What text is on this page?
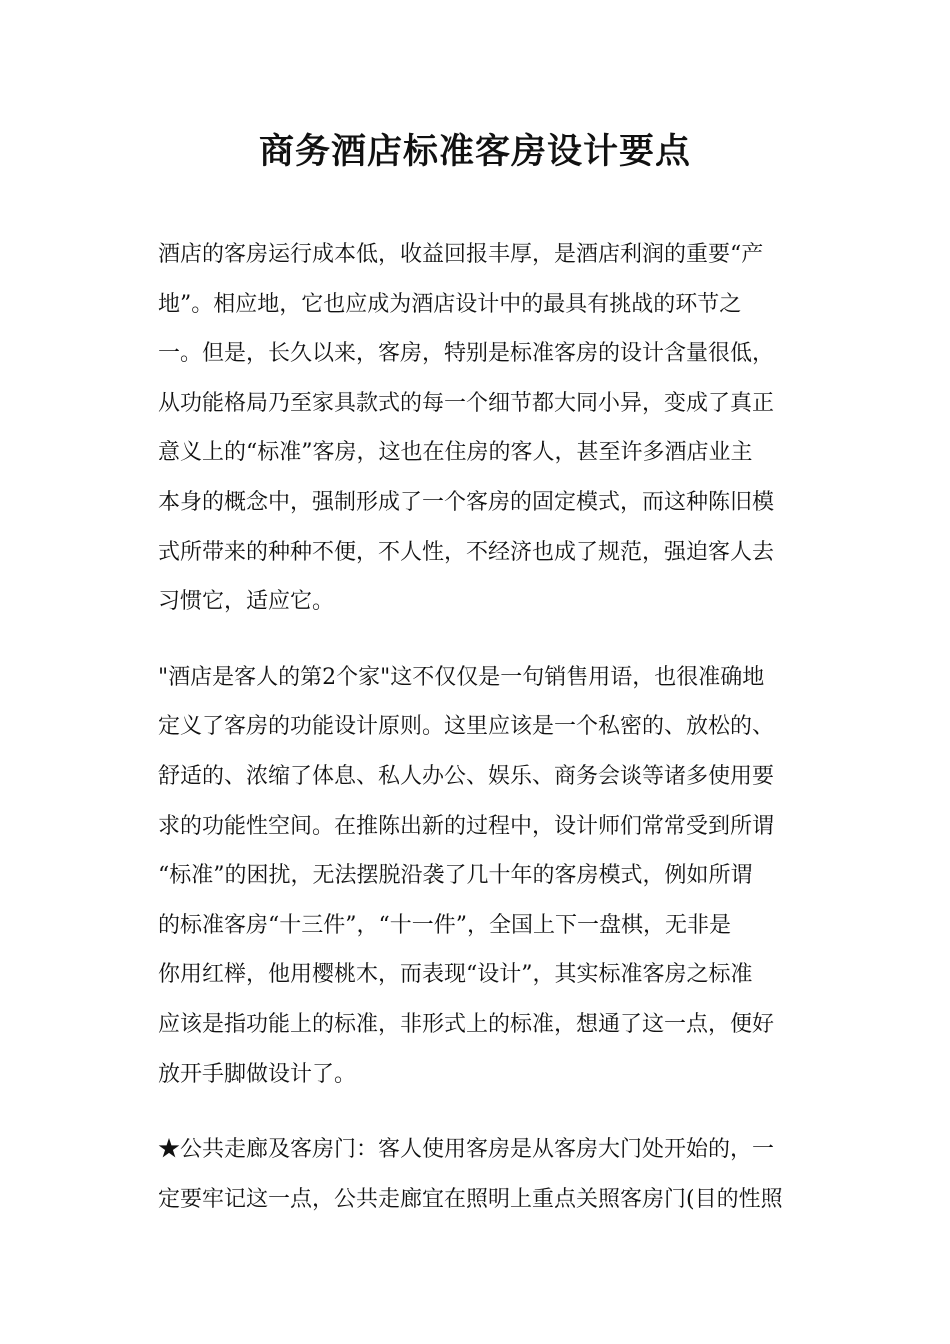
商务酒店标准客房设计要点
酒店的客房运行成本低，收益回报丰厚，是酒店利润的重要“产
地”。相应地，它也应成为酒店设计中的最具有挑战的环节之
一。但是，长久以来，客房，特别是标准客房的设计含量很低，
从功能格局乃至家具款式的每一个细节都大同小异，变成了真正
意义上的“标准”客房，这也在住房的客人，甚至许多酒店业主
本身的概念中，强制形成了一个客房的固定模式，而这种陈旧模
式所带来的种种不便，不人性，不经济也成了规范，强迫客人去
习惯它，适应它。
"酒店是客人的第2个家"这不仅仅是一句销售用语，也很准确地
定义了客房的功能设计原则。这里应该是一个私密的、放松的、
舒适的、浓缩了体息、私人办公、娱乐、商务会谈等诸多使用要
求的功能性空间。在推陈出新的过程中，设计师们常常受到所谓
“标准”的困扰，无法摆脱沿袭了几十年的客房模式，例如所谓
的标准客房“十三件”，“十一件”，全国上下一盘棋，无非是
你用红榉，他用樱桃木，而表现“设计”，其实标准客房之标准
应该是指功能上的标准，非形式上的标准，想通了这一点，便好
放开手脚做设计了。
★公共走廊及客房门：客人使用客房是从客房大门处开始的，一
定要牢记这一点，公共走廊宜在照明上重点关照客房门(目的性照
